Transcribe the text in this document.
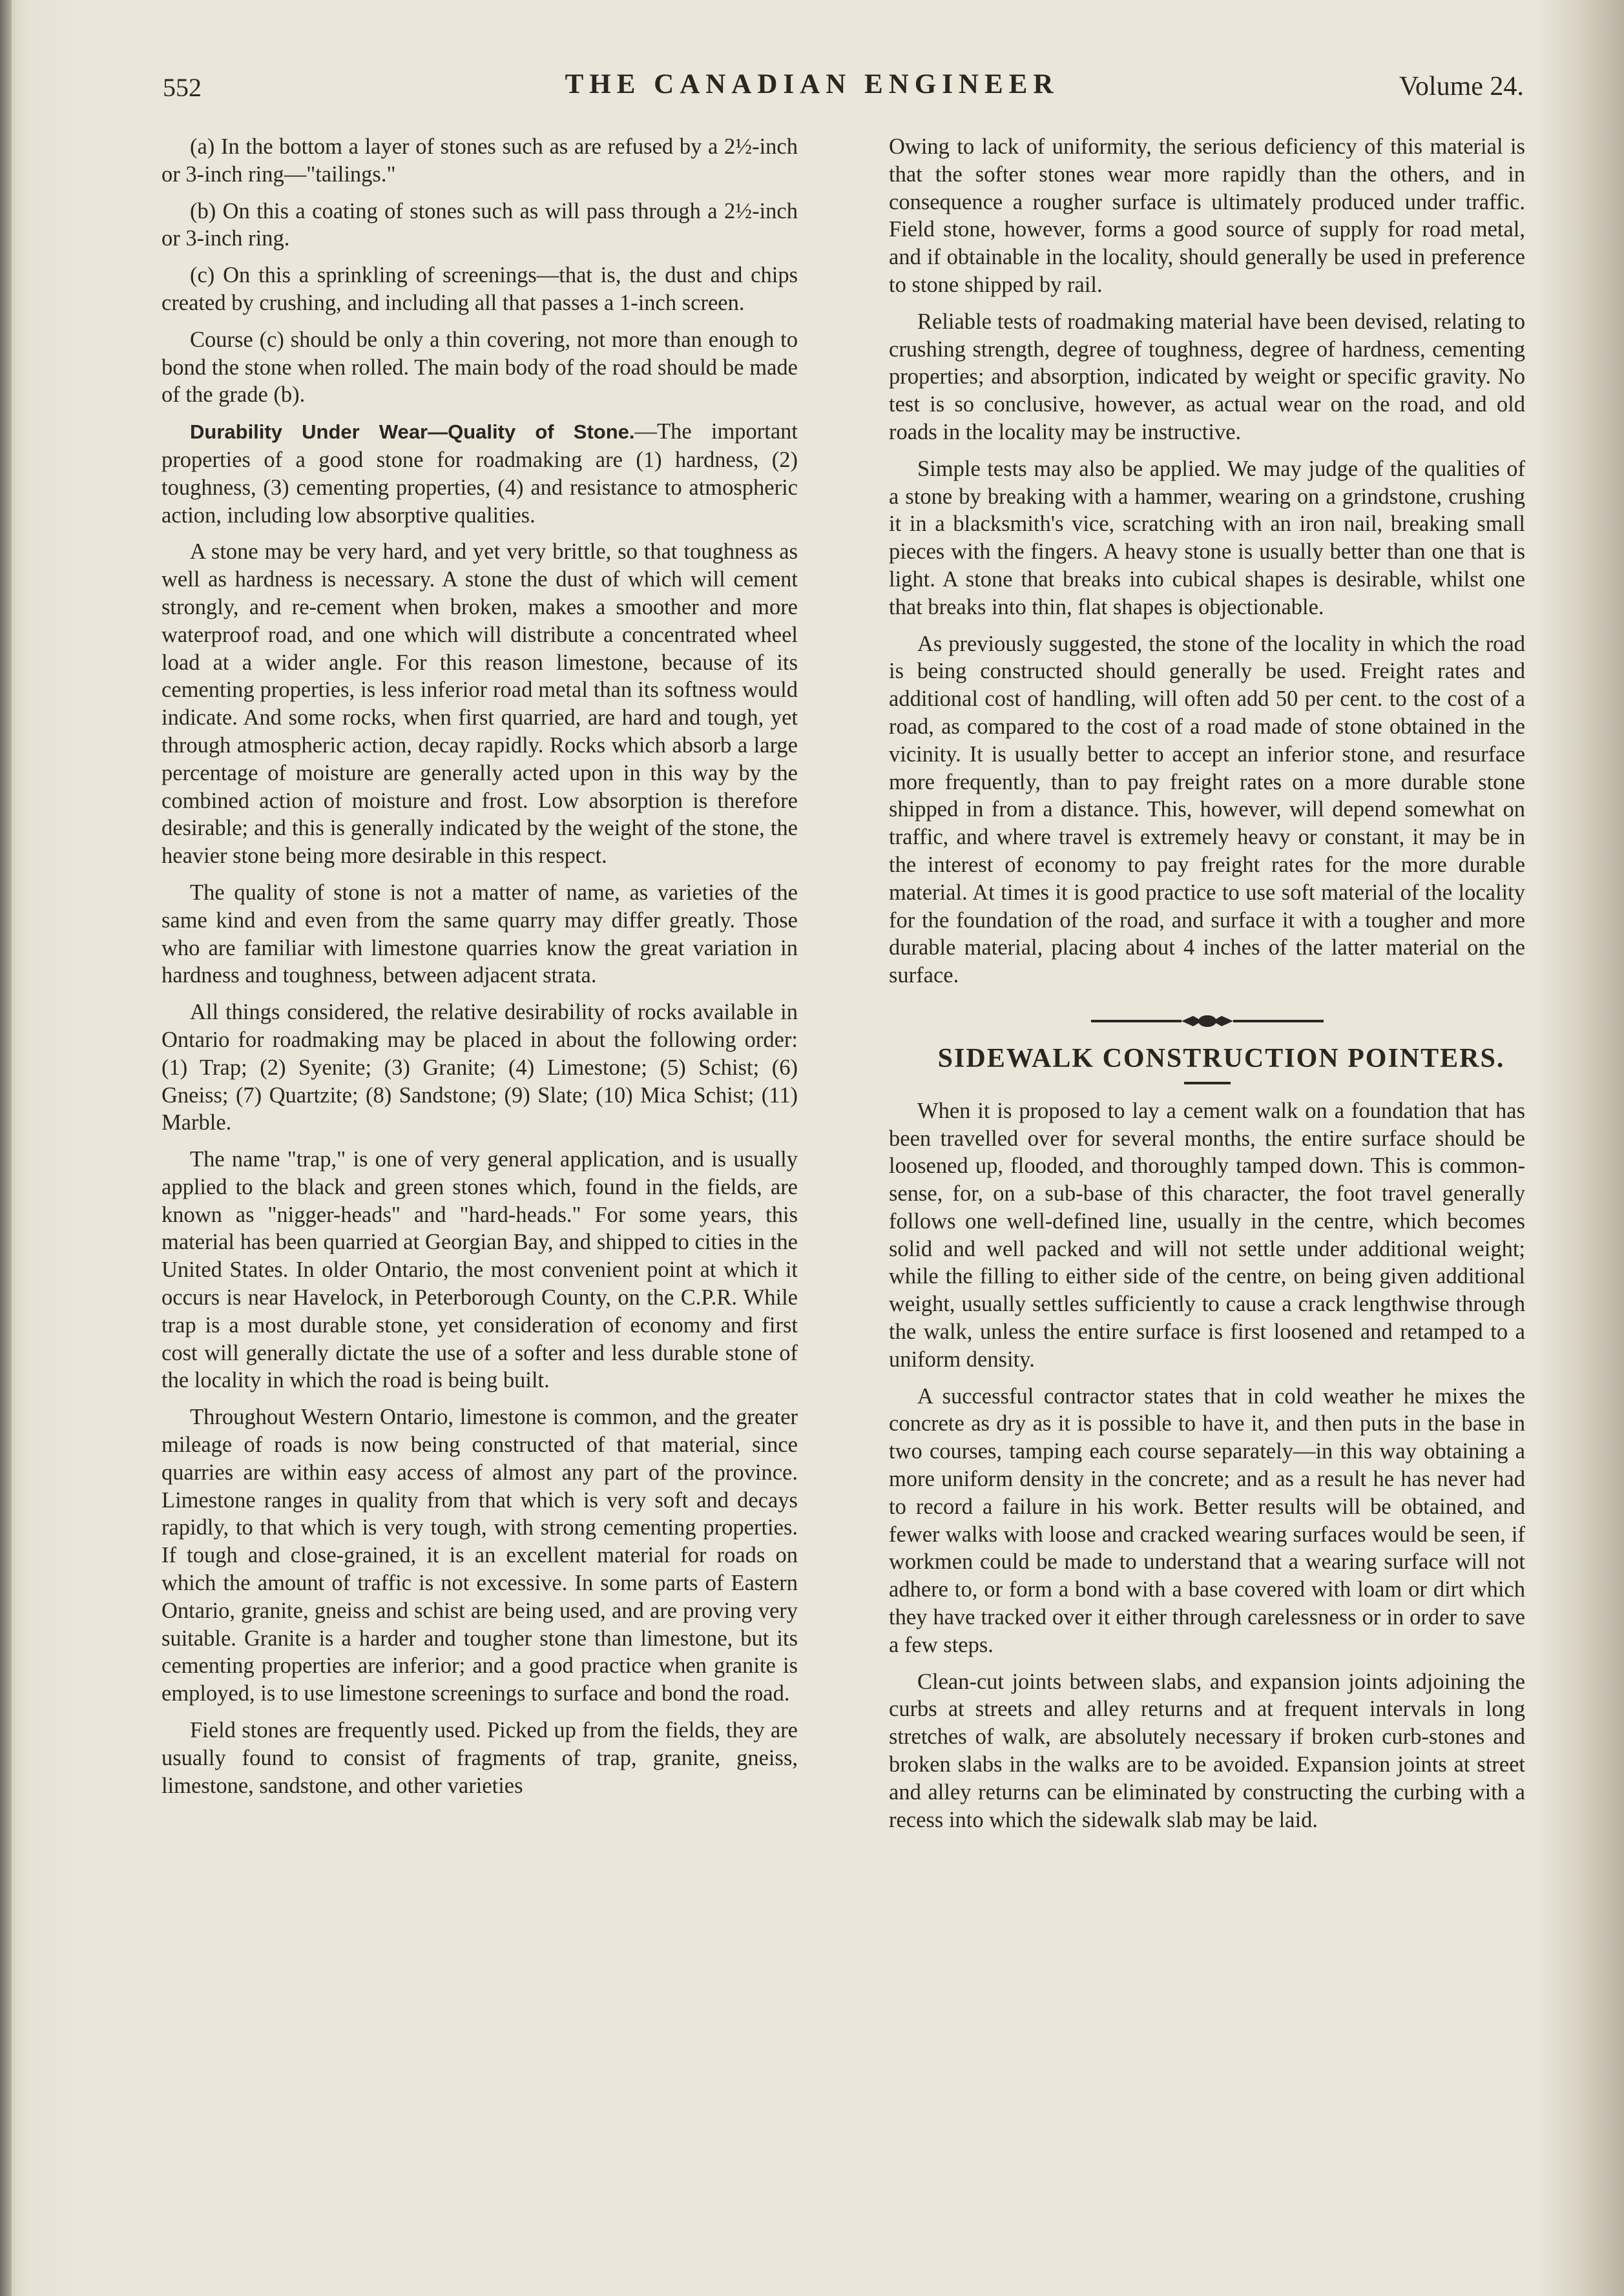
552	THE CANADIAN ENGINEER	Volume 24.

(a) In the bottom a layer of stones such as are refused by a 2½-inch or 3-inch ring—"tailings."

(b) On this a coating of stones such as will pass through a 2½-inch or 3-inch ring.

(c) On this a sprinkling of screenings—that is, the dust and chips created by crushing, and including all that passes a 1-inch screen.

Course (c) should be only a thin covering, not more than enough to bond the stone when rolled. The main body of the road should be made of the grade (b).

Durability Under Wear—Quality of Stone.—The important properties of a good stone for roadmaking are (1) hardness, (2) toughness, (3) cementing properties, (4) and resistance to atmospheric action, including low absorptive qualities.

A stone may be very hard, and yet very brittle, so that toughness as well as hardness is necessary. A stone the dust of which will cement strongly, and re-cement when broken, makes a smoother and more waterproof road, and one which will distribute a concentrated wheel load at a wider angle. For this reason limestone, because of its cementing properties, is less inferior road metal than its softness would indicate. And some rocks, when first quarried, are hard and tough, yet through atmospheric action, decay rapidly. Rocks which absorb a large percentage of moisture are generally acted upon in this way by the combined action of moisture and frost. Low absorption is therefore desirable; and this is generally indicated by the weight of the stone, the heavier stone being more desirable in this respect.

The quality of stone is not a matter of name, as varieties of the same kind and even from the same quarry may differ greatly. Those who are familiar with limestone quarries know the great variation in hardness and toughness, between adjacent strata.

All things considered, the relative desirability of rocks available in Ontario for roadmaking may be placed in about the following order: (1) Trap; (2) Syenite; (3) Granite; (4) Limestone; (5) Schist; (6) Gneiss; (7) Quartzite; (8) Sandstone; (9) Slate; (10) Mica Schist; (11) Marble.

The name "trap," is one of very general application, and is usually applied to the black and green stones which, found in the fields, are known as "nigger-heads" and "hard-heads." For some years, this material has been quarried at Georgian Bay, and shipped to cities in the United States. In older Ontario, the most convenient point at which it occurs is near Havelock, in Peterborough County, on the C.P.R. While trap is a most durable stone, yet consideration of economy and first cost will generally dictate the use of a softer and less durable stone of the locality in which the road is being built.

Throughout Western Ontario, limestone is common, and the greater mileage of roads is now being constructed of that material, since quarries are within easy access of almost any part of the province. Limestone ranges in quality from that which is very soft and decays rapidly, to that which is very tough, with strong cementing properties. If tough and close-grained, it is an excellent material for roads on which the amount of traffic is not excessive. In some parts of Eastern Ontario, granite, gneiss and schist are being used, and are proving very suitable. Granite is a harder and tougher stone than limestone, but its cementing properties are inferior; and a good practice when granite is employed, is to use limestone screenings to surface and bond the road.

Field stones are frequently used. Picked up from the fields, they are usually found to consist of fragments of trap, granite, gneiss, limestone, sandstone, and other varieties

Owing to lack of uniformity, the serious deficiency of this material is that the softer stones wear more rapidly than the others, and in consequence a rougher surface is ultimately produced under traffic. Field stone, however, forms a good source of supply for road metal, and if obtainable in the locality, should generally be used in preference to stone shipped by rail.

Reliable tests of roadmaking material have been devised, relating to crushing strength, degree of toughness, degree of hardness, cementing properties; and absorption, indicated by weight or specific gravity. No test is so conclusive, however, as actual wear on the road, and old roads in the locality may be instructive.

Simple tests may also be applied. We may judge of the qualities of a stone by breaking with a hammer, wearing on a grindstone, crushing it in a blacksmith's vice, scratching with an iron nail, breaking small pieces with the fingers. A heavy stone is usually better than one that is light. A stone that breaks into cubical shapes is desirable, whilst one that breaks into thin, flat shapes is objectionable.

As previously suggested, the stone of the locality in which the road is being constructed should generally be used. Freight rates and additional cost of handling, will often add 50 per cent. to the cost of a road, as compared to the cost of a road made of stone obtained in the vicinity. It is usually better to accept an inferior stone, and resurface more frequently, than to pay freight rates on a more durable stone shipped in from a distance. This, however, will depend somewhat on traffic, and where travel is extremely heavy or constant, it may be in the interest of economy to pay freight rates for the more durable material. At times it is good practice to use soft material of the locality for the foundation of the road, and surface it with a tougher and more durable material, placing about 4 inches of the latter material on the surface.

SIDEWALK CONSTRUCTION POINTERS.

When it is proposed to lay a cement walk on a foundation that has been travelled over for several months, the entire surface should be loosened up, flooded, and thoroughly tamped down. This is common-sense, for, on a sub-base of this character, the foot travel generally follows one well-defined line, usually in the centre, which becomes solid and well packed and will not settle under additional weight; while the filling to either side of the centre, on being given additional weight, usually settles sufficiently to cause a crack lengthwise through the walk, unless the entire surface is first loosened and retamped to a uniform density.

A successful contractor states that in cold weather he mixes the concrete as dry as it is possible to have it, and then puts in the base in two courses, tamping each course separately—in this way obtaining a more uniform density in the concrete; and as a result he has never had to record a failure in his work. Better results will be obtained, and fewer walks with loose and cracked wearing surfaces would be seen, if workmen could be made to understand that a wearing surface will not adhere to, or form a bond with a base covered with loam or dirt which they have tracked over it either through carelessness or in order to save a few steps.

Clean-cut joints between slabs, and expansion joints adjoining the curbs at streets and alley returns and at frequent intervals in long stretches of walk, are absolutely necessary if broken curb-stones and broken slabs in the walks are to be avoided. Expansion joints at street and alley returns can be eliminated by constructing the curbing with a recess into which the sidewalk slab may be laid.
